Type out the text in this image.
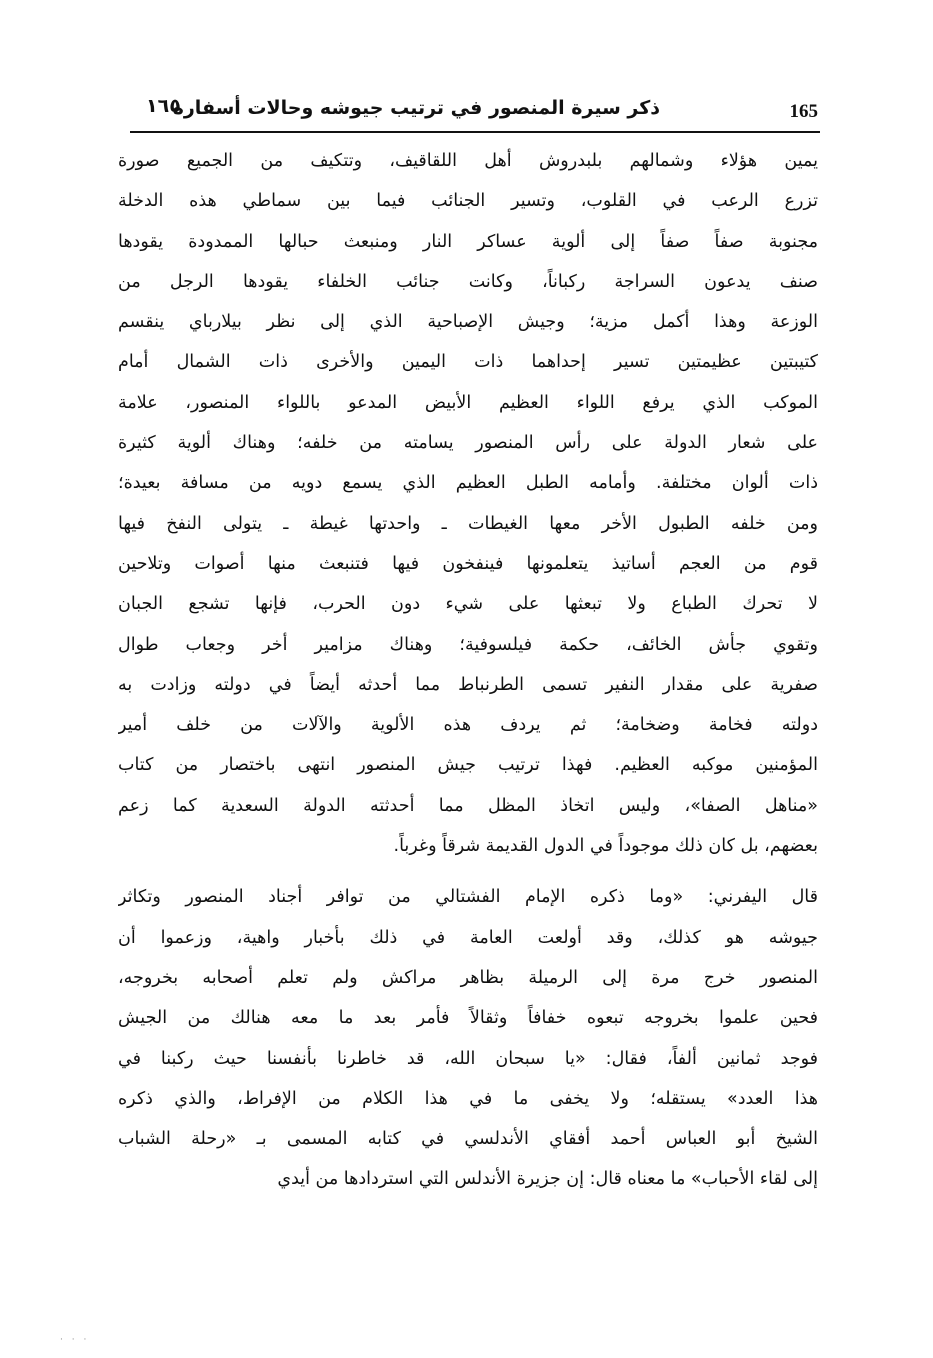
١٦٥
ذكر سيرة المنصور في ترتيب جيوشه وحالات أسفاره	165
يمين هؤلاء وشمالهم بلبدروش أهل اللقاقيف، وتتكيف من الجميع صورة
تزرع الرعب في القلوب، وتسير الجنائب فيما بين سماطي هذه الدخلة
مجنوبة صفاً صفاً إلى ألوية عساكر النار ومنبعث حبالها الممدودة يقودها
صنف يدعون السراجة ركباناً، وكانت جنائب الخلفاء يقودها الرجل من
الوزعة وهذا أكمل مزية؛ وجيش الإصباحية الذي إلى نظر بيلارباي ينقسم
كتيبتين عظيمتين تسير إحداهما ذات اليمين والأخرى ذات الشمال أمام
الموكب الذي يرفع اللواء العظيم الأبيض المدعو باللواء المنصور، علامة
على شعار الدولة على رأس المنصور يسامته من خلفه؛ وهناك ألوية كثيرة
ذات ألوان مختلفة. وأمامه الطبل العظيم الذي يسمع دويه من مسافة بعيدة؛
ومن خلفه الطبول الأخر معها الغيطات ـ واحدتها غيطة ـ يتولى النفخ فيها
قوم من العجم أساتيذ يتعلمونها فينفخون فيها فتنبعث منها أصوات وتلاحين
لا تحرك الطباع ولا تبعثها على شيء دون الحرب، فإنها تشجع الجبان
وتقوي جأش الخائف، حكمة فيلسوفية؛ وهناك مزامير أخر وجعاب طوال
صفرية على مقدار النفير تسمى الطرنباط مما أحدثه أيضاً في دولته وزادت به
دولته فخامة وضخامة؛ ثم يردف هذه الألوية والآلات من خلف أمير
المؤمنين موكبه العظيم. فهذا ترتيب جيش المنصور انتهى باختصار من كتاب
«مناهل الصفا»، وليس اتخاذ المظل مما أحدثته الدولة السعدية كما زعم
بعضهم، بل كان ذلك موجوداً في الدول القديمة شرقاً وغرباً.
قال اليفرني: «وما ذكره الإمام الفشتالي من توافر أجناد المنصور وتكاثر
جيوشه هو كذلك، وقد أولعت العامة في ذلك بأخبار واهية، وزعموا أن
المنصور خرج مرة إلى الرميلة بظاهر مراكش ولم تعلم أصحابه بخروجه،
فحين علموا بخروجه تبعوه خفافاً وثقالاً فأمر بعد ما معه هنالك من الجيش
فوجد ثمانين ألفاً، فقال: «يا سبحان الله، قد خاطرنا بأنفسنا حيث ركبنا في
هذا العدد» يستقله؛ ولا يخفى ما في هذا الكلام من الإفراط، والذي ذكره
الشيخ أبو العباس أحمد أفقاي الأندلسي في كتابه المسمى بـ «رحلة الشباب
إلى لقاء الأحباب» ما معناه قال: إن جزيرة الأندلس التي استردادها من أيدي
· · ·
